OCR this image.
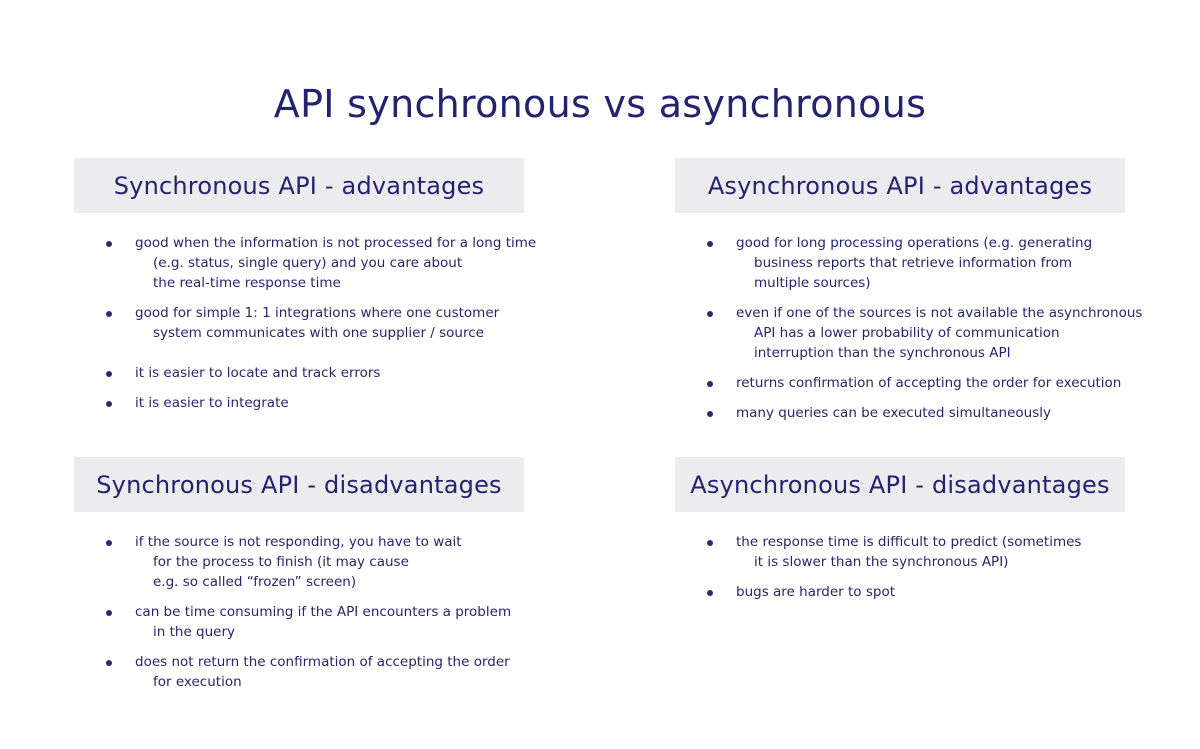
API synchronous vs asynchronous
Synchronous API - advantages
good when the information is not processed for a long time
(e.g. status, single query) and you care about
the real-time response time
good for simple 1: 1 integrations where one customer
system communicates with one supplier / source
it is easier to locate and track errors
it is easier to integrate
Asynchronous API - advantages
good for long processing operations (e.g. generating
business reports that retrieve information from
multiple sources)
even if one of the sources is not available the asynchronous
API has a lower probability of communication
interruption than the synchronous API
returns confirmation of accepting the order for execution
many queries can be executed simultaneously
Synchronous API - disadvantages
if the source is not responding, you have to wait
for the process to finish (it may cause
e.g. so called “frozen” screen)
can be time consuming if the API encounters a problem
in the query
does not return the confirmation of accepting the order
for execution
Asynchronous API - disadvantages
the response time is difficult to predict (sometimes
it is slower than the synchronous API)
bugs are harder to spot
